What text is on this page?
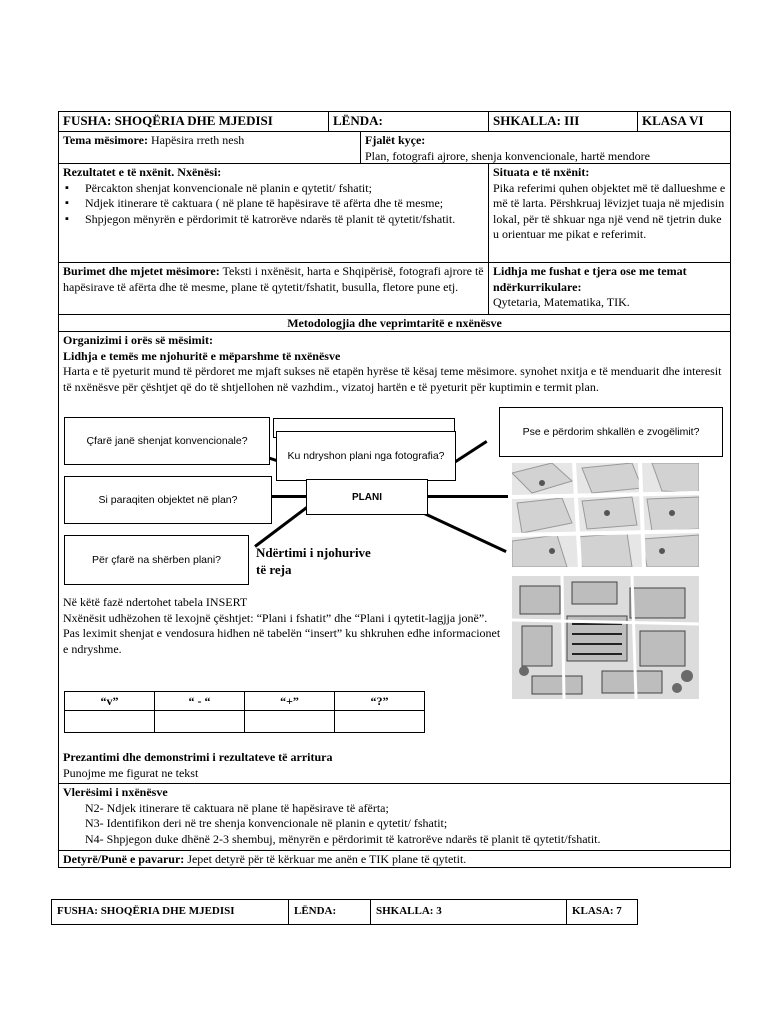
FUSHA: SHOQËRIA DHE MJEDISI	LËNDA:	SHKALLA: III	KLASA VI
Tema mësimore: Hapësira rreth nesh	Fjalët kyçe:
Plan, fotografi ajrore, shenja konvencionale, hartë mendore
Rezultatet e të nxënit. Nxënësi:
▪ Përcakton shenjat konvencionale në planin e qytetit/ fshatit;
▪ Ndjek itinerare të caktuara ( në plane të hapësirave të afërta dhe të mesme;
▪ Shpjegon mënyrën e përdorimit të katrorëve ndarës të planit të qytetit/fshatit.
Situata e të nxënit:
Pika referimi quhen objektet më të dallueshme e më të larta. Përshkruaj lëvizjet tuaja në mjedisin lokal, për të shkuar nga një vend në tjetrin duke u orientuar me pikat e referimit.
Burimet dhe mjetet mësimore: Teksti i nxënësit, harta e Shqipërisë, fotografi ajrore të hapësirave të afërta dhe të mesme, plane të qytetit/fshatit, busulla, fletore pune etj.
Lidhja me fushat e tjera ose me temat ndërkurrikulare:
Qytetaria, Matematika, TIK.
Metodologjia dhe veprimtaritë e nxënësve
Organizimi i orës së mësimit:
Lidhja e temës me njohuritë e mëparshme të nxënësve
Harta e të pyeturit mund të përdoret me mjaft sukses në etapën hyrëse të kësaj teme mësimore. synohet nxitja e të menduarit dhe interesit të nxënësve për çështjet që do të shtjellohen në vazhdim., vizatoj hartën e të pyeturit për kuptimin e termit plan.
Çfarë janë shenjat konvencionale?
Si paraqiten objektet në plan?
Për çfarë na shërben plani?
Ku ndryshon plani nga fotografia?
PLANI
Pse e përdorim shkallën e zvogëlimit?
Ndërtimi i njohurive të reja
Në këtë fazë ndertohet tabela INSERT
Nxënësit udhëzohen të lexojnë çështjet: “Plani i fshatit” dhe “Plani i qytetit-lagjja jonë”.
Pas leximit shenjat e vendosura hidhen në tabelën “insert” ku shkruhen edhe informacionet e ndryshme.
“v”	“ - “	“+”	“?”
Prezantimi dhe demonstrimi i rezultateve të arritura
Punojme me figurat ne tekst
Vlerësimi i nxënësve
N2- Ndjek itinerare të caktuara në plane të hapësirave të afërta;
N3- Identifikon deri në tre shenja konvencionale në planin e qytetit/ fshatit;
N4- Shpjegon duke dhënë 2-3 shembuj, mënyrën e përdorimit të katrorëve ndarës të planit të qytetit/fshatit.
Detyrë/Punë e pavarur: Jepet detyrë për të kërkuar me anën e TIK plane të qytetit.
FUSHA: SHOQËRIA DHE MJEDISI	LËNDA:	SHKALLA: 3	KLASA: 7
